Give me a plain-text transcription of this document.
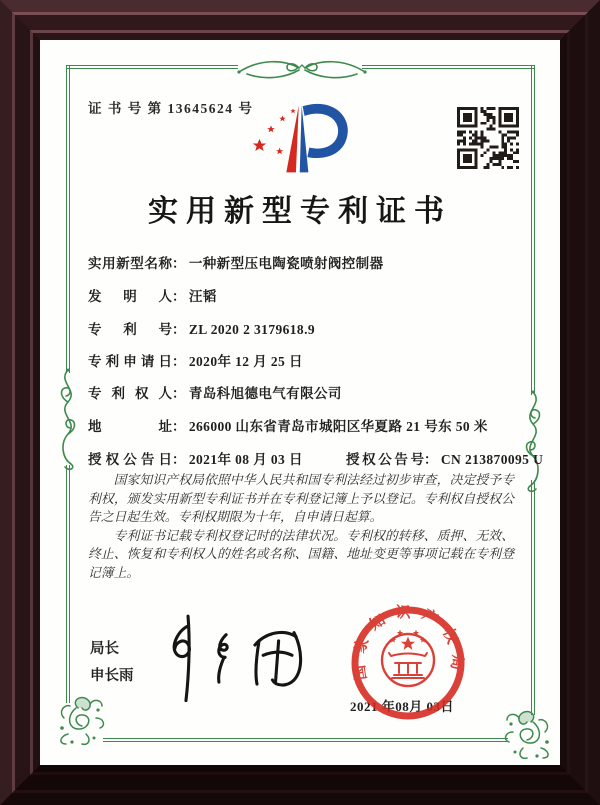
证 书 号 第 13645624 号
实用新型专利证书
实用新型名称： 一种新型压电陶瓷喷射阀控制器
发明人： 汪韬
专利号： ZL 2020 2 3179618.9
专利申请日： 2020年 12 月 25 日
专利权人： 青岛科旭德电气有限公司
地址： 266000 山东省青岛市城阳区华夏路 21 号东 50 米
授权公告日： 2021年 08 月 03 日	授权公告号： CN 213870095 U

国家知识产权局依照中华人民共和国专利法经过初步审查，决定授予专利权，颁发实用新型专利证书并在专利登记簿上予以登记。专利权自授权公告之日起生效。专利权期限为十年，自申请日起算。

专利证书记载专利权登记时的法律状况。专利权的转移、质押、无效、终止、恢复和专利权人的姓名或名称、国籍、地址变更等事项记载在专利登记簿上。

局长
申长雨
2021 年08月 03日
国家知识产权局
